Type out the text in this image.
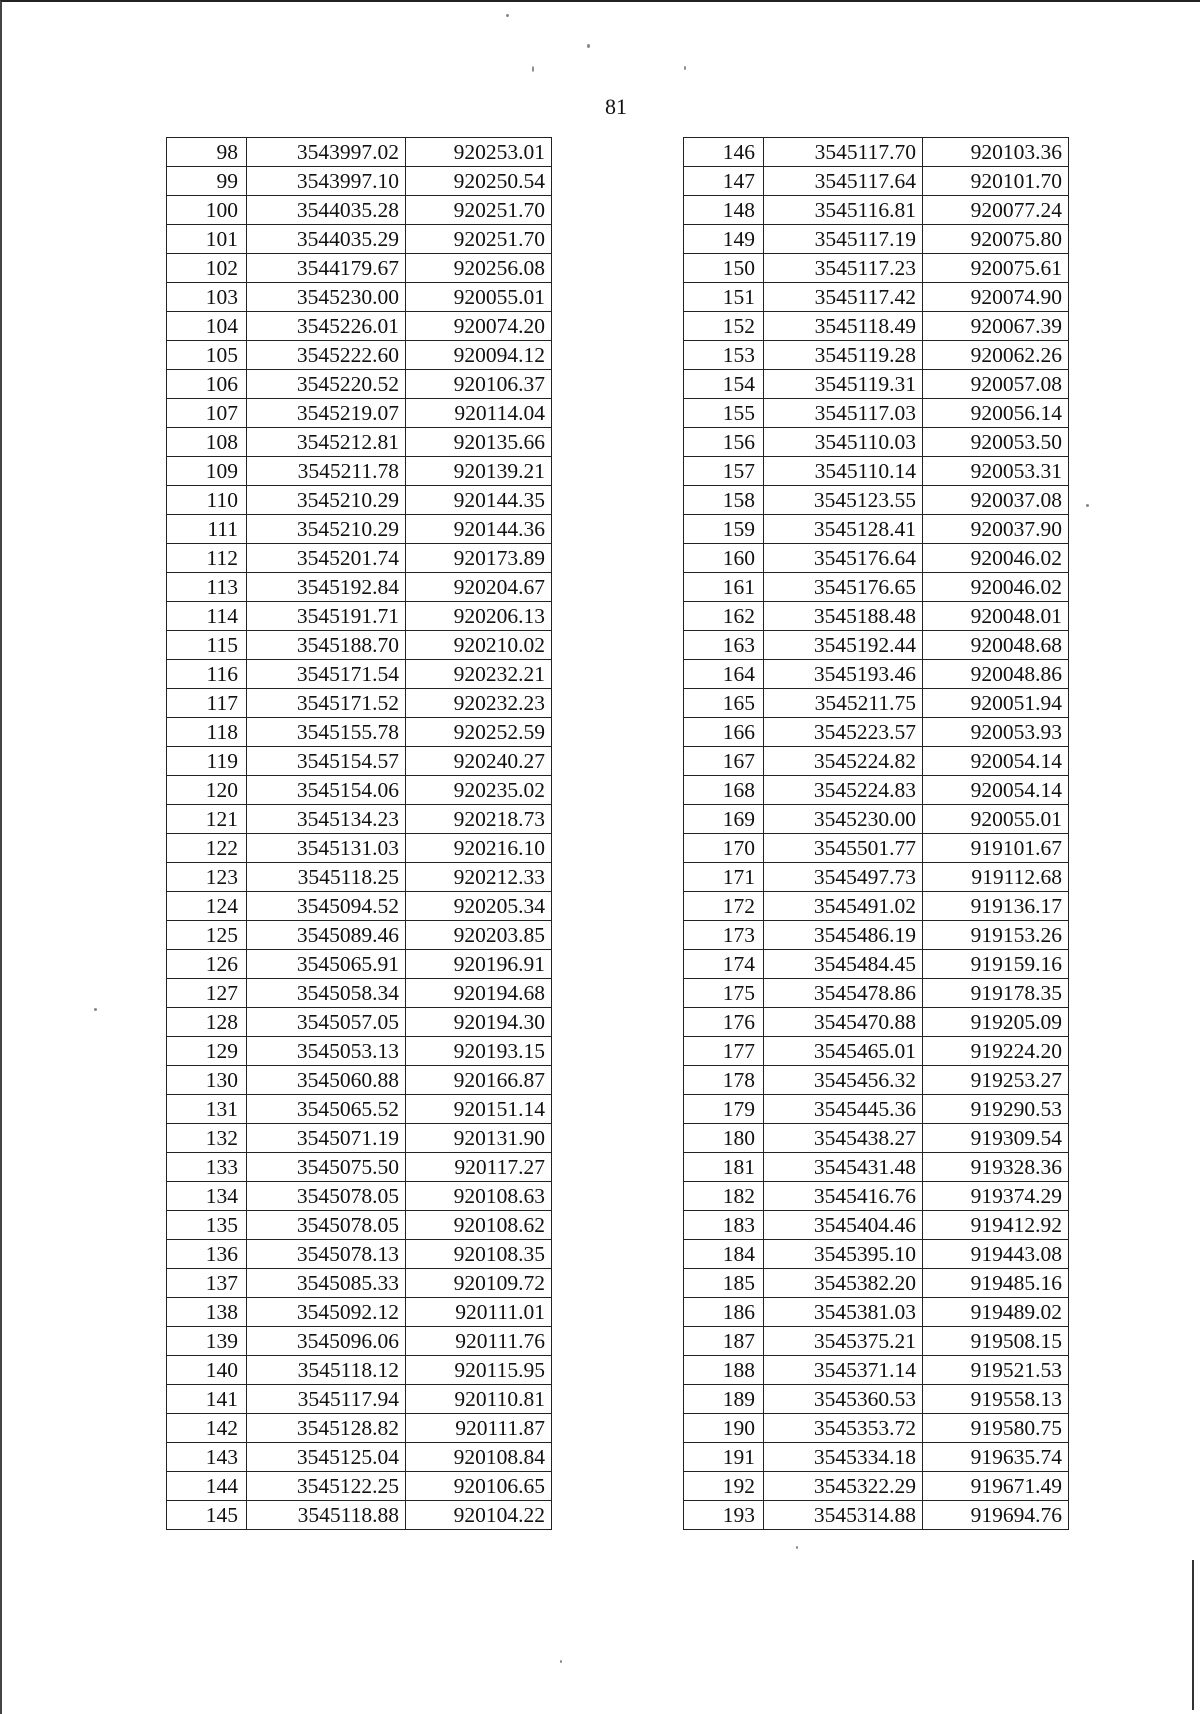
81
98	3543997.02	920253.01
99	3543997.10	920250.54
100	3544035.28	920251.70
101	3544035.29	920251.70
102	3544179.67	920256.08
103	3545230.00	920055.01
104	3545226.01	920074.20
105	3545222.60	920094.12
106	3545220.52	920106.37
107	3545219.07	920114.04
108	3545212.81	920135.66
109	3545211.78	920139.21
110	3545210.29	920144.35
111	3545210.29	920144.36
112	3545201.74	920173.89
113	3545192.84	920204.67
114	3545191.71	920206.13
115	3545188.70	920210.02
116	3545171.54	920232.21
117	3545171.52	920232.23
118	3545155.78	920252.59
119	3545154.57	920240.27
120	3545154.06	920235.02
121	3545134.23	920218.73
122	3545131.03	920216.10
123	3545118.25	920212.33
124	3545094.52	920205.34
125	3545089.46	920203.85
126	3545065.91	920196.91
127	3545058.34	920194.68
128	3545057.05	920194.30
129	3545053.13	920193.15
130	3545060.88	920166.87
131	3545065.52	920151.14
132	3545071.19	920131.90
133	3545075.50	920117.27
134	3545078.05	920108.63
135	3545078.05	920108.62
136	3545078.13	920108.35
137	3545085.33	920109.72
138	3545092.12	920111.01
139	3545096.06	920111.76
140	3545118.12	920115.95
141	3545117.94	920110.81
142	3545128.82	920111.87
143	3545125.04	920108.84
144	3545122.25	920106.65
145	3545118.88	920104.22
146	3545117.70	920103.36
147	3545117.64	920101.70
148	3545116.81	920077.24
149	3545117.19	920075.80
150	3545117.23	920075.61
151	3545117.42	920074.90
152	3545118.49	920067.39
153	3545119.28	920062.26
154	3545119.31	920057.08
155	3545117.03	920056.14
156	3545110.03	920053.50
157	3545110.14	920053.31
158	3545123.55	920037.08
159	3545128.41	920037.90
160	3545176.64	920046.02
161	3545176.65	920046.02
162	3545188.48	920048.01
163	3545192.44	920048.68
164	3545193.46	920048.86
165	3545211.75	920051.94
166	3545223.57	920053.93
167	3545224.82	920054.14
168	3545224.83	920054.14
169	3545230.00	920055.01
170	3545501.77	919101.67
171	3545497.73	919112.68
172	3545491.02	919136.17
173	3545486.19	919153.26
174	3545484.45	919159.16
175	3545478.86	919178.35
176	3545470.88	919205.09
177	3545465.01	919224.20
178	3545456.32	919253.27
179	3545445.36	919290.53
180	3545438.27	919309.54
181	3545431.48	919328.36
182	3545416.76	919374.29
183	3545404.46	919412.92
184	3545395.10	919443.08
185	3545382.20	919485.16
186	3545381.03	919489.02
187	3545375.21	919508.15
188	3545371.14	919521.53
189	3545360.53	919558.13
190	3545353.72	919580.75
191	3545334.18	919635.74
192	3545322.29	919671.49
193	3545314.88	919694.76
